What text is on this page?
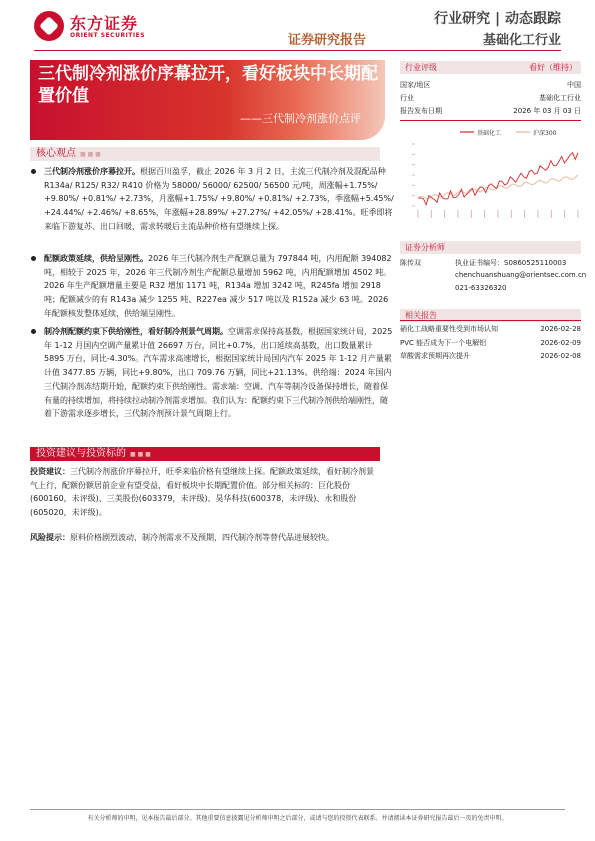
东方证券
ORIENT SECURITIES	证券研究报告
行业研究 | 动态跟踪
基础化工行业
三代制冷剂涨价序幕拉开，看好板块中长期配置价值
——三代制冷剂涨价点评
核心观点 ■ ■ ■
三代制冷剂涨价序幕拉开。根据百川盈孚，截止 2026 年 3 月 2 日，主流三代制冷剂及混配品种 R134a/ R125/ R32/ R410 价格为 58000/ 56000/ 62500/ 56500 元/吨，周涨幅+1.75%/ +9.80%/ +0.81%/ +2.73%，月涨幅+1.75%/ +9.80%/ +0.81%/ +2.73%，季涨幅+5.45%/ +24.44%/ +2.46%/ +8.65%，年涨幅+28.89%/ +27.27%/ +42.05%/ +28.41%。旺季即将来临下游复苏、出口回暖，需求转暖后主流品种价格有望继续上探。
配额政策延续，供给呈刚性。2026 年三代制冷剂生产配额总量为 797844 吨，内用配额 394082 吨，相较于 2025 年，2026 年三代制冷剂生产配额总量增加 5962 吨，内用配额增加 4502 吨。2026 年生产配额增量主要是 R32 增加 1171 吨，R134a 增加 3242 吨，R245fa 增加 2918 吨；配额减少的有 R143a 减少 1255 吨、R227ea 减少 517 吨以及 R152a 减少 63 吨。2026 年配额核发整体延续，供给端呈刚性。
制冷剂配额约束下供给刚性，看好制冷剂景气周期。空调需求保持高基数，根据国家统计局，2025 年 1-12 月国内空调产量累计值 26697 万台，同比+0.7%，出口延续高基数，出口数量累计 5895 万台，同比-4.30%。汽车需求高速增长，根据国家统计局国内汽车 2025 年 1-12 月产量累计值 3477.85 万辆，同比+9.80%，出口 709.76 万辆，同比+21.13%。供给端：2024 年国内三代制冷剂冻结期开始，配额约束下供给刚性。需求端：空调、汽车等制冷设备保持增长，随着保有量的持续增加，将持续拉动制冷剂需求增加。我们认为：配额约束下三代制冷剂供给端刚性，随着下游需求逐步增长，三代制冷剂预计景气周期上行。
投资建议与投资标的 ■ ■ ■
投资建议：三代制冷剂涨价序幕拉开，旺季来临价格有望继续上探。配额政策延续，看好制冷剂景气上行，配额份额居前企业有望受益，看好板块中长期配置价值。部分相关标的：巨化股份(600160，未评级)、三美股份(603379，未评级)、昊华科技(600378，未评级)、永和股份(605020，未评级)。
风险提示：原料价格剧烈波动，制冷剂需求不及预期，四代制冷剂等替代品进展较快。
行业评级	看好（维持）
国家/地区	中国
行业	基础化工行业
报告发布日期	2026 年 03 月 03 日
基础化工	沪深300
证券分析师
陈传双	执业证书编号：S0860525110003
chenchuanshuang@orientsec.com.cn
021-63326320
相关报告
硝化工战略重要性受到市场认知	2026-02-28
PVC 能否成为下一个电解铝	2026-02-09
草酸需求预期再次提升	2026-02-08
有关分析师的申明，见本报告最后部分。其他重要信息披露见分析师申明之后部分，或请与您的投资代表联系。并请阅读本证券研究报告最后一页的免责申明。
